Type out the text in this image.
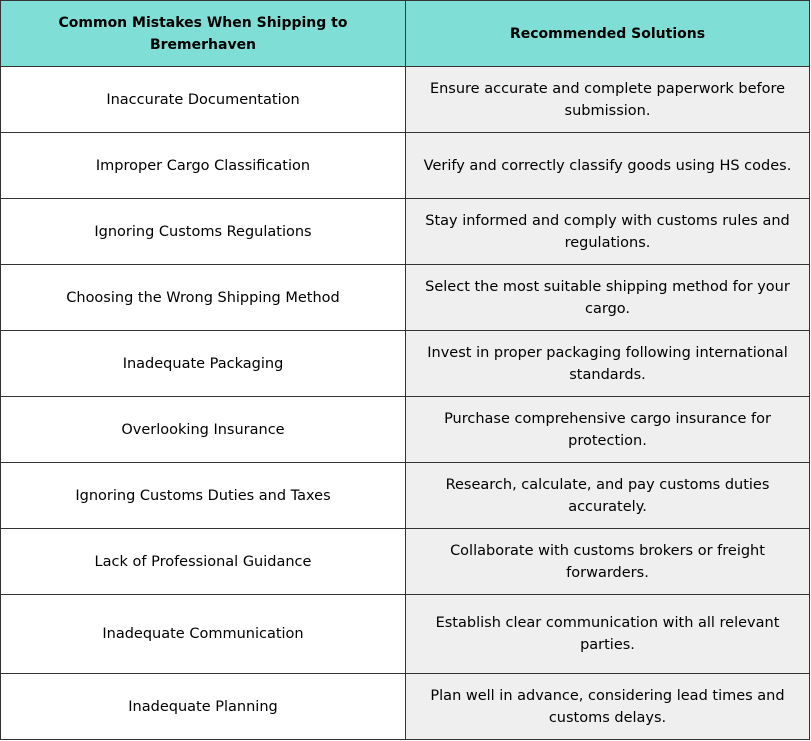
Common Mistakes When Shipping to Bremerhaven
Recommended Solutions
Inaccurate Documentation
Ensure accurate and complete paperwork before submission.
Improper Cargo Classification	Verify and correctly classify goods using HS codes.
Ignoring Customs Regulations
Stay informed and comply with customs rules and regulations.
Choosing the Wrong Shipping Method
Select the most suitable shipping method for your cargo.
Inadequate Packaging
Invest in proper packaging following international standards.
Overlooking Insurance
Purchase comprehensive cargo insurance for protection.
Ignoring Customs Duties and Taxes
Research, calculate, and pay customs duties accurately.
Lack of Professional Guidance
Collaborate with customs brokers or freight forwarders.
Inadequate Communication
Establish clear communication with all relevant parties.
Inadequate Planning
Plan well in advance, considering lead times and customs delays.
